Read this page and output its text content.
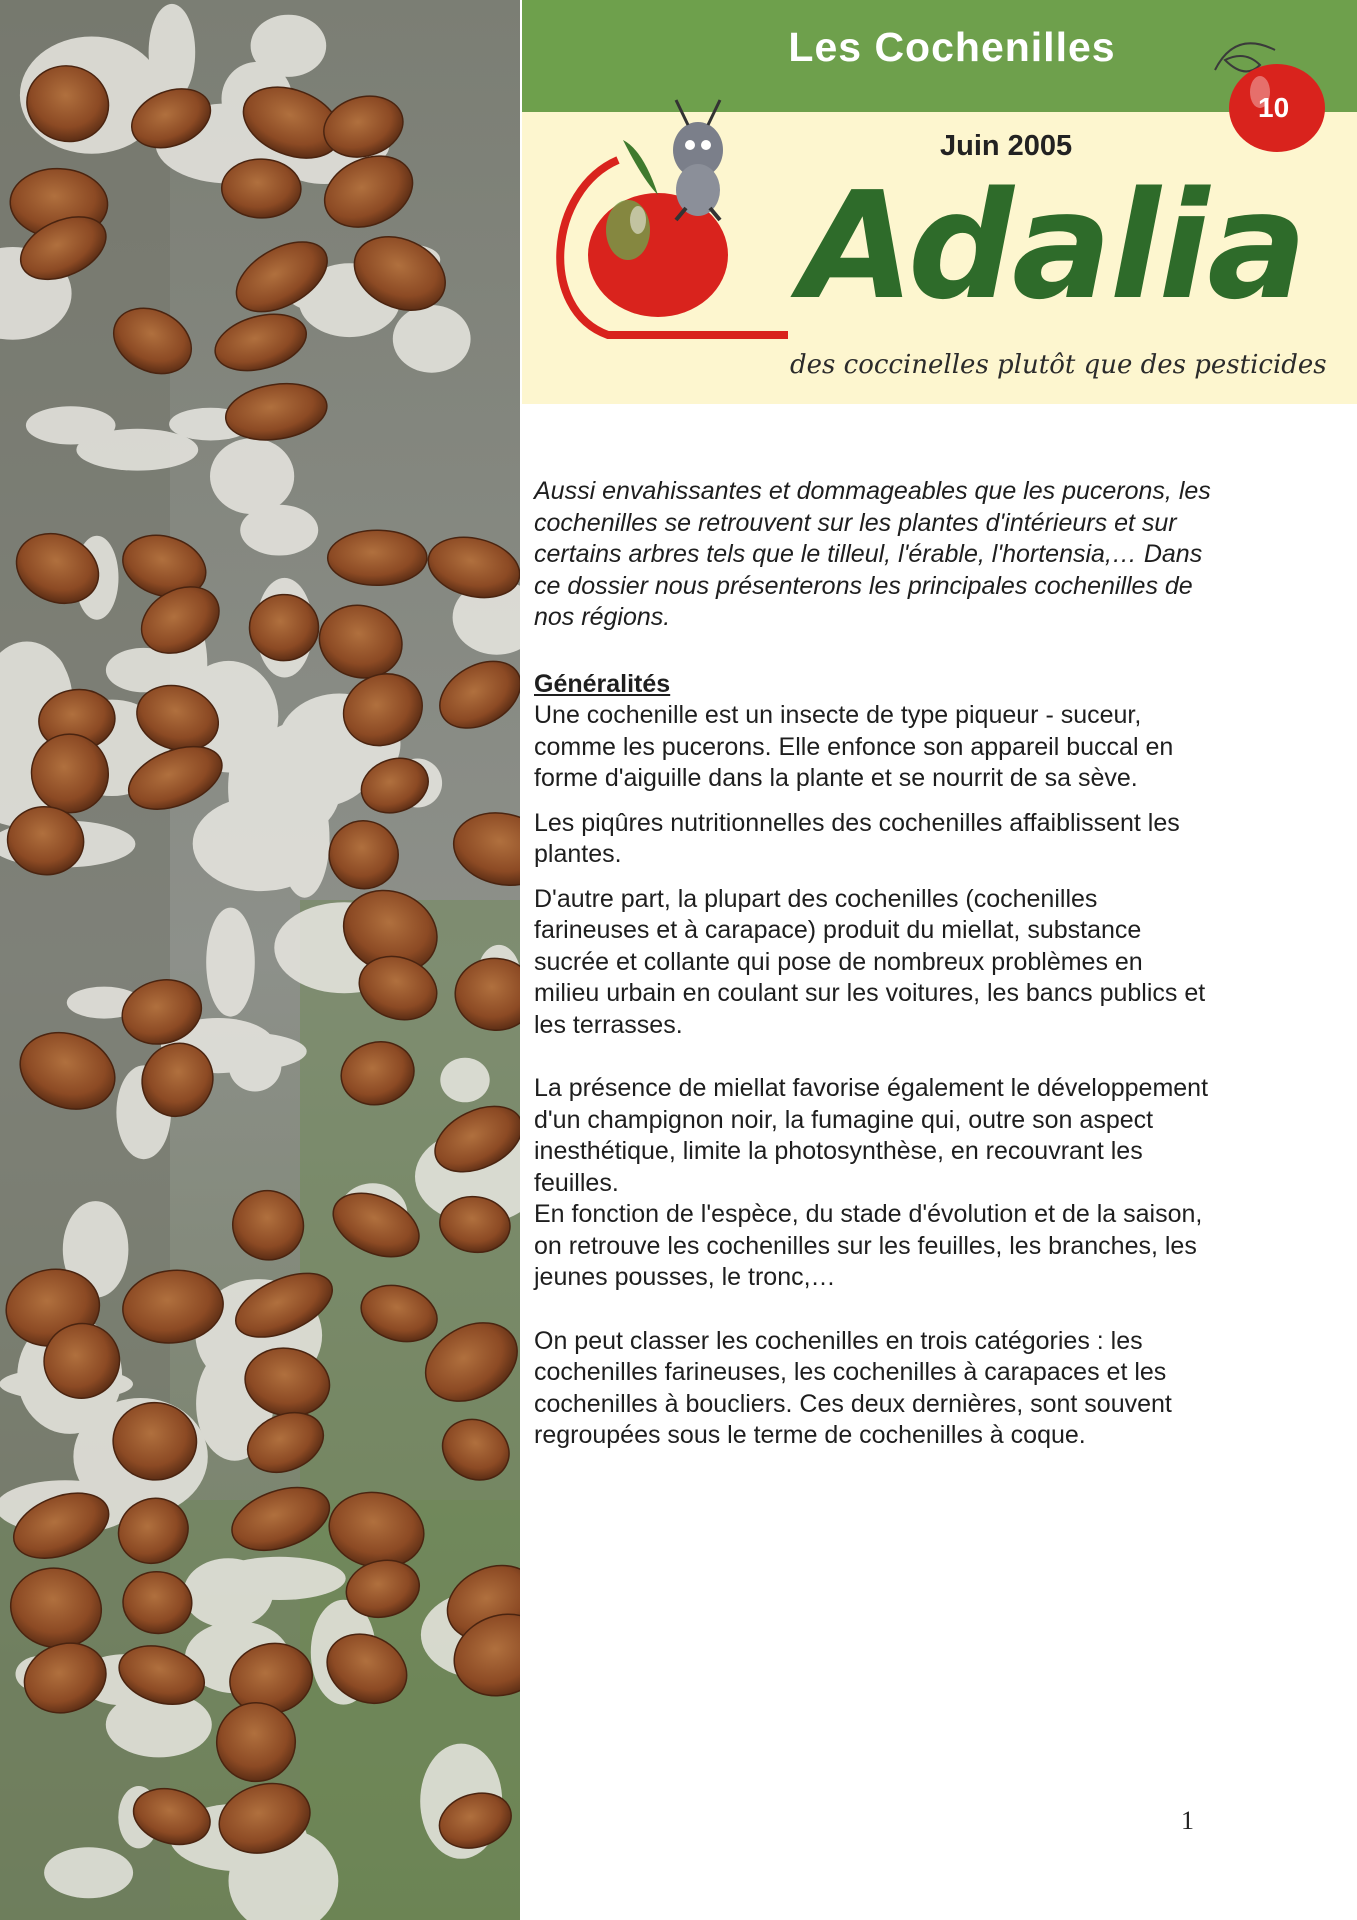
Les Cochenilles
10
Juin 2005
Adalia
des coccinelles plutôt que des pesticides

Aussi envahissantes et dommageables que les pucerons, les cochenilles se retrouvent sur les plantes d'intérieurs et sur certains arbres tels que le tilleul, l'érable, l'hortensia,… Dans ce dossier nous présenterons les principales cochenilles de nos régions.

Généralités

Une cochenille est un insecte de type piqueur - suceur, comme les pucerons. Elle enfonce son appareil buccal en forme d'aiguille dans la plante et se nourrit de sa sève.

Les piqûres nutritionnelles des cochenilles affaiblissent les plantes.

D'autre part, la plupart des cochenilles (cochenilles farineuses et à carapace) produit du miellat, substance sucrée et collante qui pose de nombreux problèmes en milieu urbain en coulant sur les voitures, les bancs publics et les terrasses.

La présence de miellat favorise également le développement d'un champignon noir, la fumagine qui, outre son aspect inesthétique, limite la photosynthèse, en recouvrant les feuilles.

En fonction de l'espèce, du stade d'évolution et de la saison, on retrouve les cochenilles sur les feuilles, les branches, les jeunes pousses, le tronc,…

On peut classer les cochenilles en trois catégories : les cochenilles farineuses, les cochenilles à carapaces et les cochenilles à boucliers. Ces deux dernières, sont souvent regroupées sous le terme de cochenilles à coque.

1
